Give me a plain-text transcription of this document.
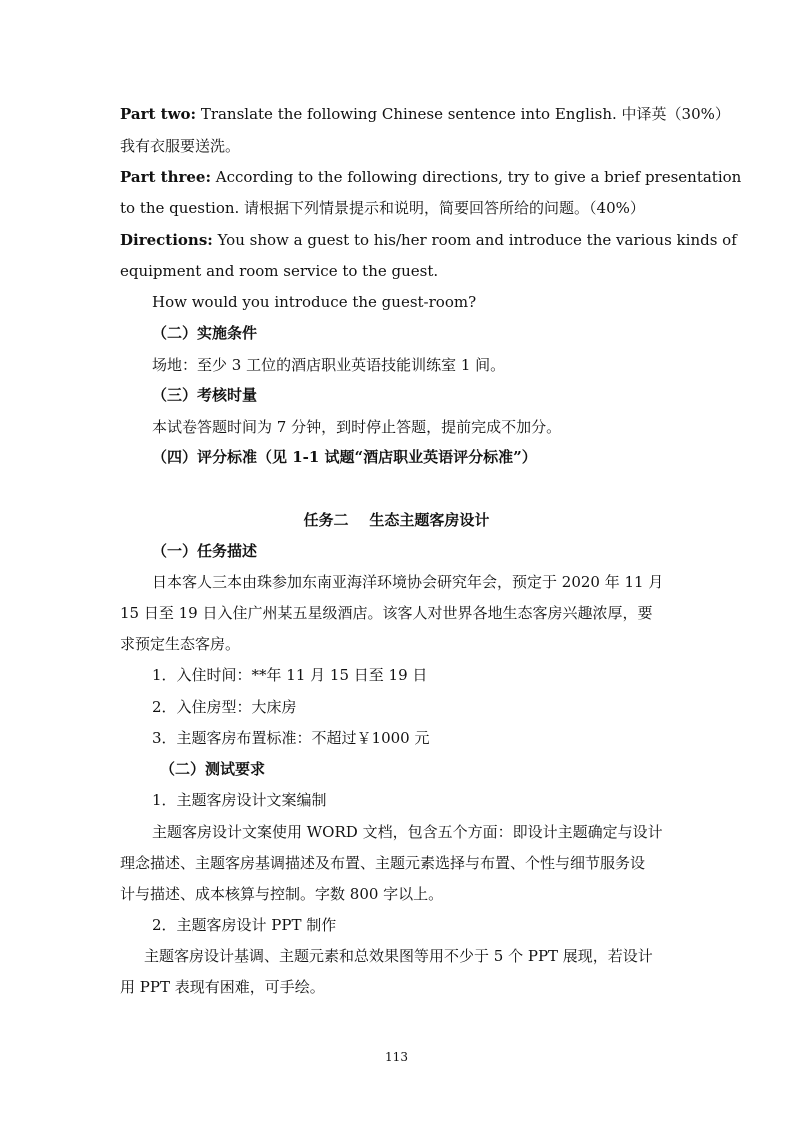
Part two: Translate the following Chinese sentence into English. 中译英（30%）
我有衣服要送洗。
Part three: According to the following directions, try to give a brief presentation
to the question. 请根据下列情景提示和说明，简要回答所给的问题。（40%）
Directions: You show a guest to his/her room and introduce the various kinds of
equipment and room service to the guest.
How would you introduce the guest-room?
（二）实施条件
场地：至少 3 工位的酒店职业英语技能训练室 1 间。
（三）考核时量
本试卷答题时间为 7 分钟，到时停止答题，提前完成不加分。
（四）评分标准（见 1-1 试题“酒店职业英语评分标准”）
任务二    生态主题客房设计
（一）任务描述
日本客人三本由珠参加东南亚海洋环境协会研究年会，预定于 2020 年 11 月
15 日至 19 日入住广州某五星级酒店。该客人对世界各地生态客房兴趣浓厚，要
求预定生态客房。
1．入住时间：**年 11 月 15 日至 19 日
2．入住房型：大床房
3．主题客房布置标准：不超过￥1000 元
（二）测试要求
1．主题客房设计文案编制
主题客房设计文案使用 WORD 文档，包含五个方面：即设计主题确定与设计
理念描述、主题客房基调描述及布置、主题元素选择与布置、个性与细节服务设
计与描述、成本核算与控制。字数 800 字以上。
2．主题客房设计 PPT 制作
主题客房设计基调、主题元素和总效果图等用不少于 5 个 PPT 展现，若设计
用 PPT 表现有困难，可手绘。
113
